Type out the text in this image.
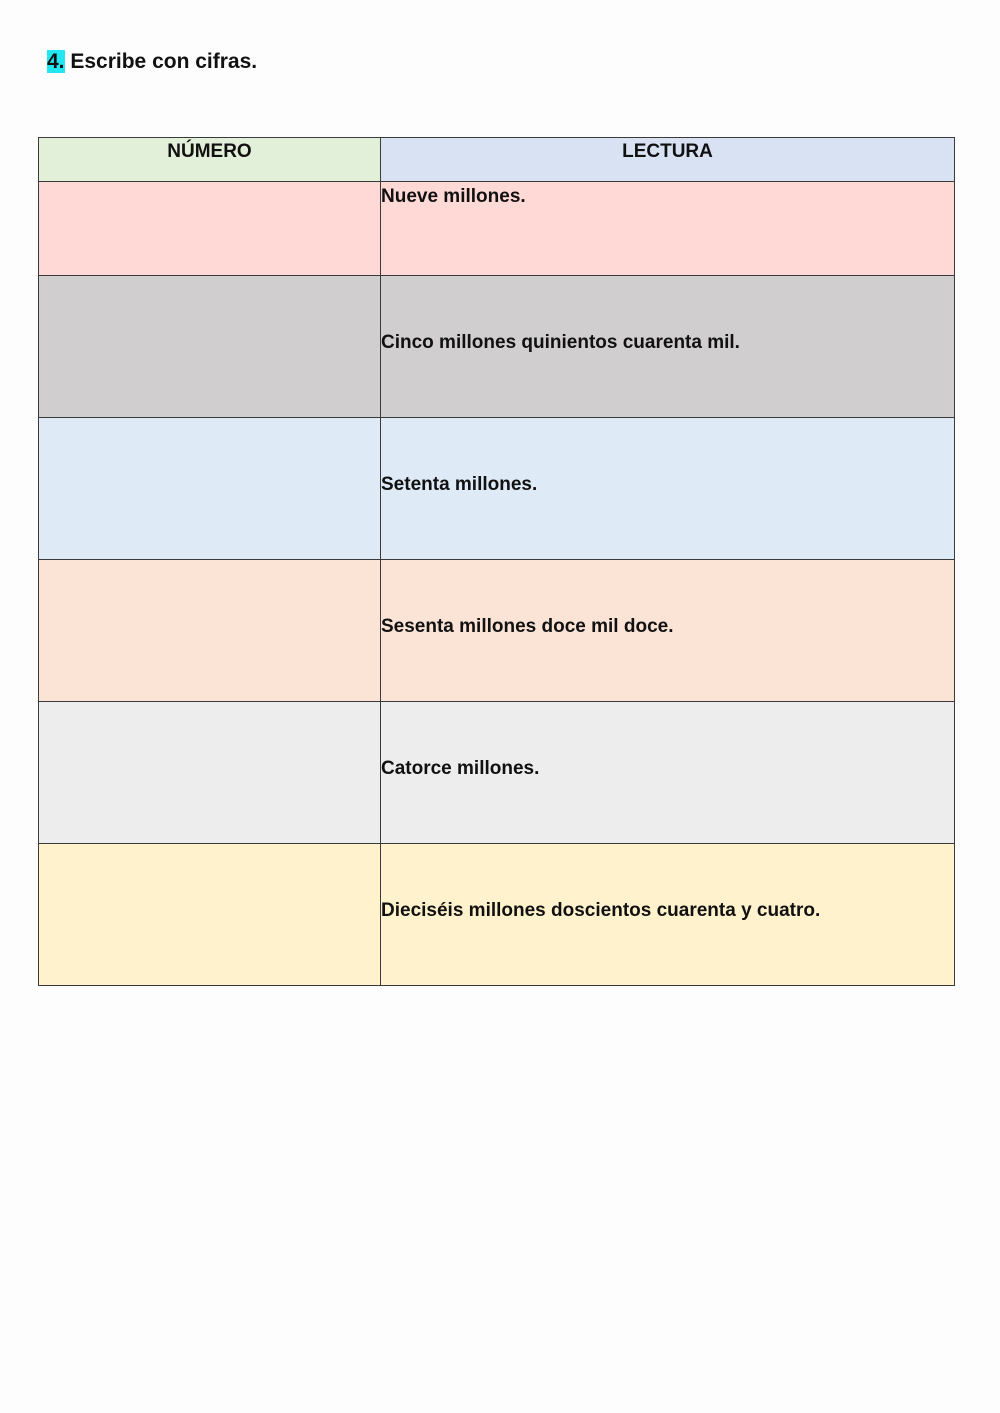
4. Escribe con cifras.
NÚMERO	LECTURA

	Nueve millones.

	Cinco millones quinientos cuarenta mil.

	Setenta millones.

	Sesenta millones doce mil doce.

	Catorce millones.

	Dieciséis millones doscientos cuarenta y cuatro.
